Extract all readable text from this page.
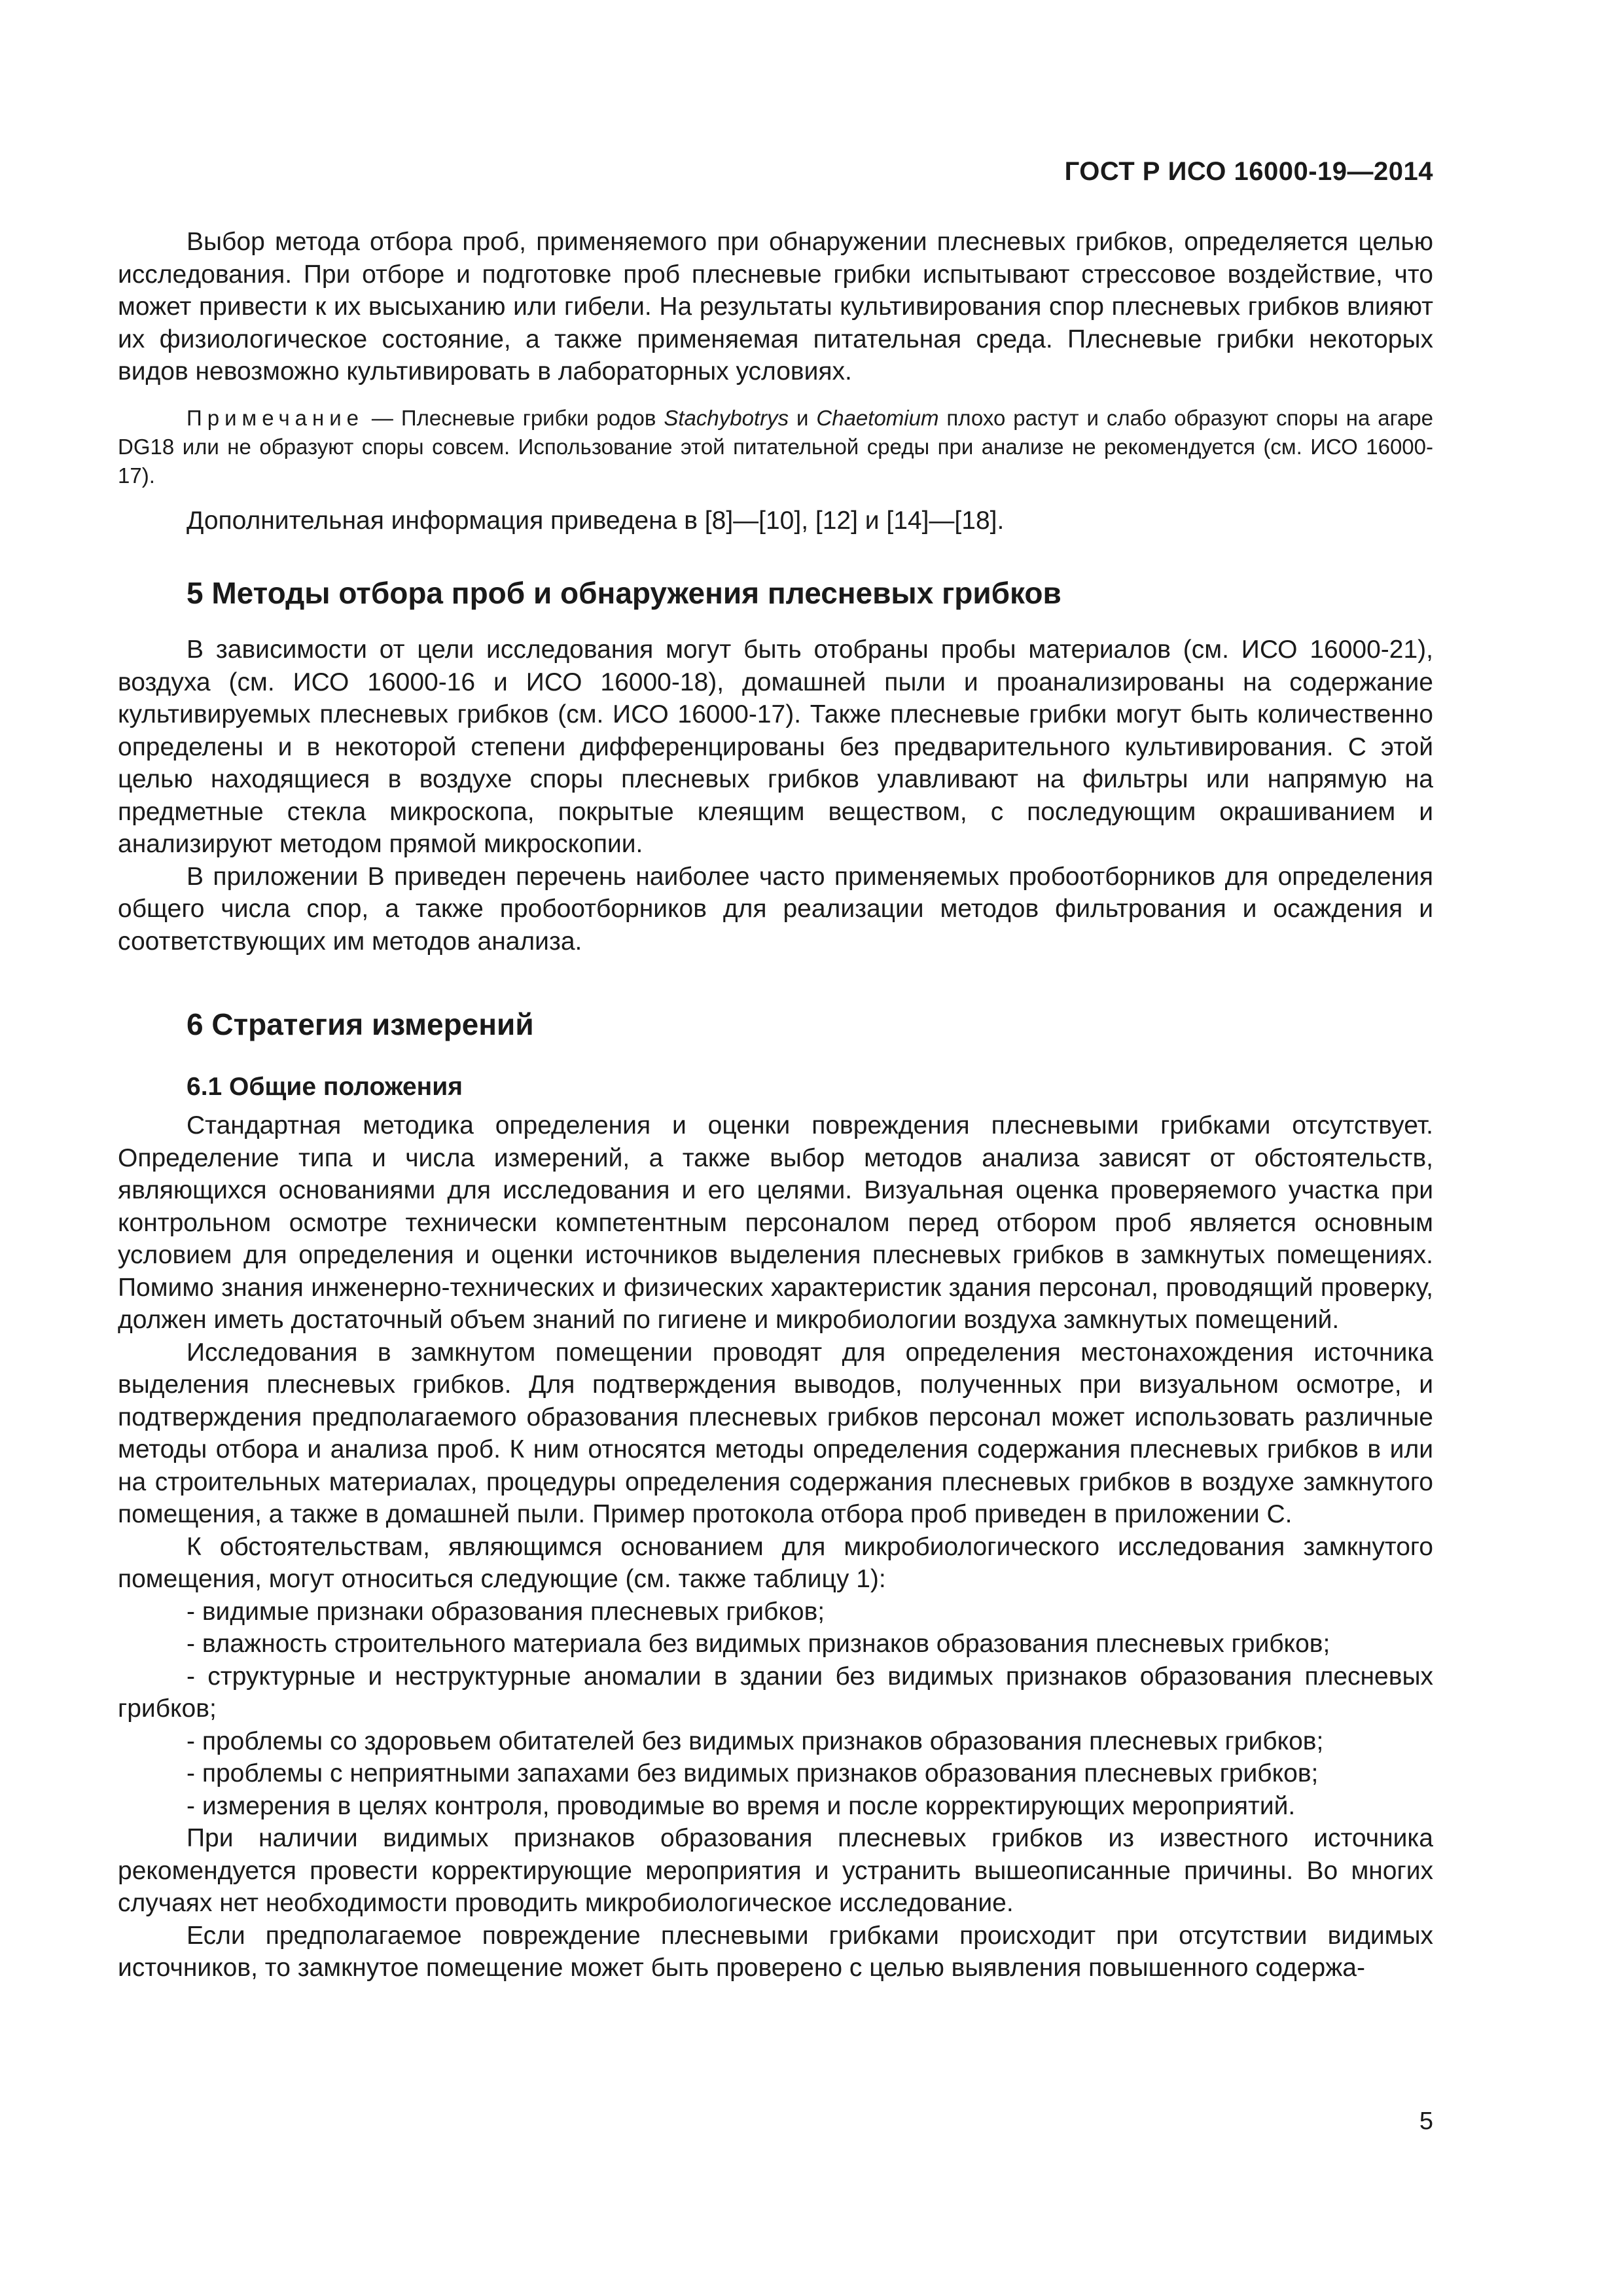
ГОСТ Р ИСО 16000-19—2014

Выбор метода отбора проб, применяемого при обнаружении плесневых грибков, определяется целью исследования. При отборе и подготовке проб плесневые грибки испытывают стрессовое воздействие, что может привести к их высыханию или гибели. На результаты культивирования спор плесневых грибков влияют их физиологическое состояние, а также применяемая питательная среда. Плесневые грибки некоторых видов невозможно культивировать в лабораторных условиях.

Примечание — Плесневые грибки родов Stachybotrys и Chaetomium плохо растут и слабо образуют споры на агаре DG18 или не образуют споры совсем. Использование этой питательной среды при анализе не рекомендуется (см. ИСО 16000-17).

Дополнительная информация приведена в [8]—[10], [12] и [14]—[18].

5 Методы отбора проб и обнаружения плесневых грибков

В зависимости от цели исследования могут быть отобраны пробы материалов (см. ИСО 16000-21), воздуха (см. ИСО 16000-16 и ИСО 16000-18), домашней пыли и проанализированы на содержание культивируемых плесневых грибков (см. ИСО 16000-17). Также плесневые грибки могут быть количественно определены и в некоторой степени дифференцированы без предварительного культивирования. С этой целью находящиеся в воздухе споры плесневых грибков улавливают на фильтры или напрямую на предметные стекла микроскопа, покрытые клеящим веществом, с последующим окрашиванием и анализируют методом прямой микроскопии.

В приложении В приведен перечень наиболее часто применяемых пробоотборников для определения общего числа спор, а также пробоотборников для реализации методов фильтрования и осаждения и соответствующих им методов анализа.

6 Стратегия измерений
6.1 Общие положения

Стандартная методика определения и оценки повреждения плесневыми грибками отсутствует. Определение типа и числа измерений, а также выбор методов анализа зависят от обстоятельств, являющихся основаниями для исследования и его целями. Визуальная оценка проверяемого участка при контрольном осмотре технически компетентным персоналом перед отбором проб является основным условием для определения и оценки источников выделения плесневых грибков в замкнутых помещениях. Помимо знания инженерно-технических и физических характеристик здания персонал, проводящий проверку, должен иметь достаточный объем знаний по гигиене и микробиологии воздуха замкнутых помещений.

Исследования в замкнутом помещении проводят для определения местонахождения источника выделения плесневых грибков. Для подтверждения выводов, полученных при визуальном осмотре, и подтверждения предполагаемого образования плесневых грибков персонал может использовать различные методы отбора и анализа проб. К ним относятся методы определения содержания плесневых грибков в или на строительных материалах, процедуры определения содержания плесневых грибков в воздухе замкнутого помещения, а также в домашней пыли. Пример протокола отбора проб приведен в приложении С.

К обстоятельствам, являющимся основанием для микробиологического исследования замкнутого помещения, могут относиться следующие (см. также таблицу 1):

- видимые признаки образования плесневых грибков;
- влажность строительного материала без видимых признаков образования плесневых грибков;
- структурные и неструктурные аномалии в здании без видимых признаков образования плесневых грибков;
- проблемы со здоровьем обитателей без видимых признаков образования плесневых грибков;
- проблемы с неприятными запахами без видимых признаков образования плесневых грибков;
- измерения в целях контроля, проводимые во время и после корректирующих мероприятий.

При наличии видимых признаков образования плесневых грибков из известного источника рекомендуется провести корректирующие мероприятия и устранить вышеописанные причины. Во многих случаях нет необходимости проводить микробиологическое исследование.

Если предполагаемое повреждение плесневыми грибками происходит при отсутствии видимых источников, то замкнутое помещение может быть проверено с целью выявления повышенного содержа-

5
